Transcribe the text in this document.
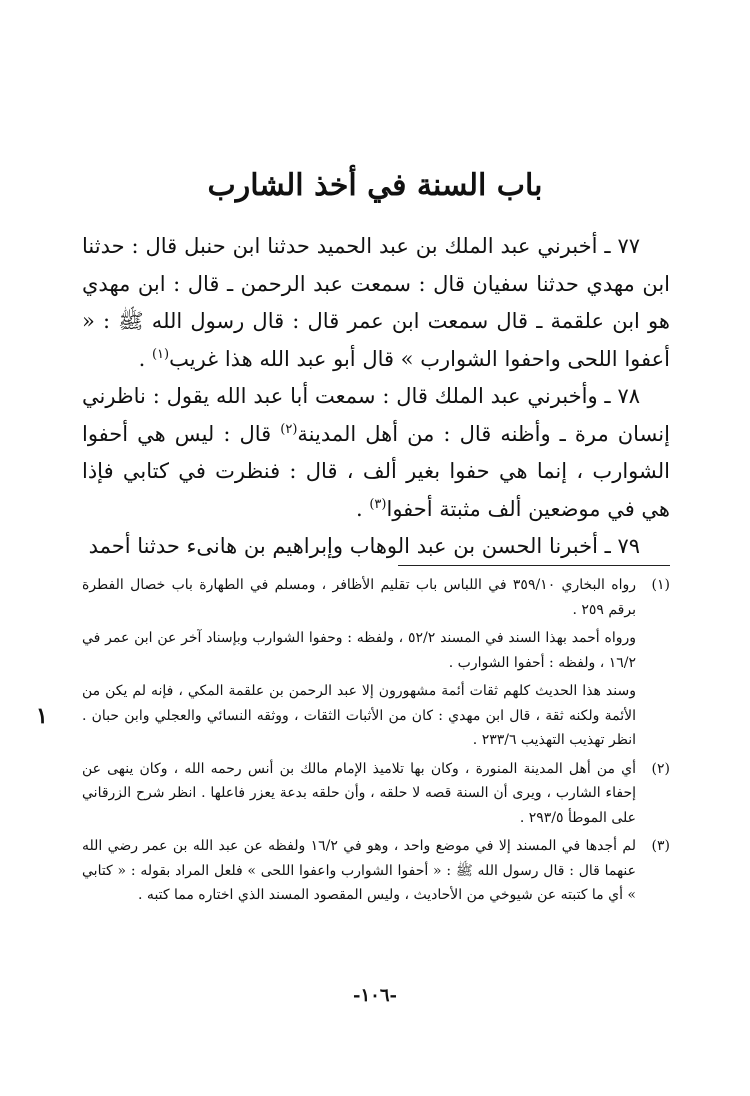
باب السنة في أخذ الشارب

٧٧ ـ أخبرني عبد الملك بن عبد الحميد حدثنا ابن حنبل قال : حدثنا ابن مهدي حدثنا سفيان قال : سمعت عبد الرحمن ـ قال : ابن مهدي هو ابن علقمة ـ قال سمعت ابن عمر قال : قال رسول الله ﷺ : « أعفوا اللحى واحفوا الشوارب » قال أبو عبد الله هذا غريب$^{(١)}$ .

٧٨ ـ وأخبرني عبد الملك قال : سمعت أبا عبد الله يقول : ناظرني إنسان مرة ـ وأظنه قال : من أهل المدينة$^{(٢)}$ قال : ليس هي أحفوا الشوارب ، إنما هي حفوا بغير ألف ، قال : فنظرت في كتابي فإذا هي في موضعين ألف مثبتة أحفوا$^{(٣)}$ .

٧٩ ـ أخبرنا الحسن بن عبد الوهاب وإبراهيم بن هانىء حدثنا أحمد

(١)

رواه البخاري ٣٥٩/١٠ في اللباس باب تقليم الأظافر ، ومسلم في الطهارة باب خصال الفطرة برقم ٢٥٩ .

ورواه أحمد بهذا السند في المسند ٥٢/٢ ، ولفظه : وحفوا الشوارب وبإسناد آخر عن ابن عمر في ١٦/٢ ، ولفظه : أحفوا الشوارب .

وسند هذا الحديث كلهم ثقات أئمة مشهورون إلا عبد الرحمن بن علقمة المكي ، فإنه لم يكن من الأئمة ولكنه ثقة ، قال ابن مهدي : كان من الأثبات الثقات ، ووثقه النسائي والعجلي وابن حبان . انظر تهذيب التهذيب ٢٣٣/٦ .

(٢)

أي من أهل المدينة المنورة ، وكان بها تلاميذ الإمام مالك بن أنس رحمه الله ، وكان ينهى عن إحفاء الشارب ، ويرى أن السنة قصه لا حلقه ، وأن حلقه بدعة يعزر فاعلها . انظر شرح الزرقاني على الموطأ ٢٩٣/٥ .

(٣)

لم أجدها في المسند إلا في موضع واحد ، وهو في ١٦/٢ ولفظه عن عبد الله بن عمر رضي الله عنهما قال : قال رسول الله ﷺ : « أحفوا الشوارب واعفوا اللحى » فلعل المراد بقوله : « كتابي » أي ما كتبته عن شيوخي من الأحاديث ، وليس المقصود المسند الذي اختاره مما كتبه .

١
-١٠٦-
